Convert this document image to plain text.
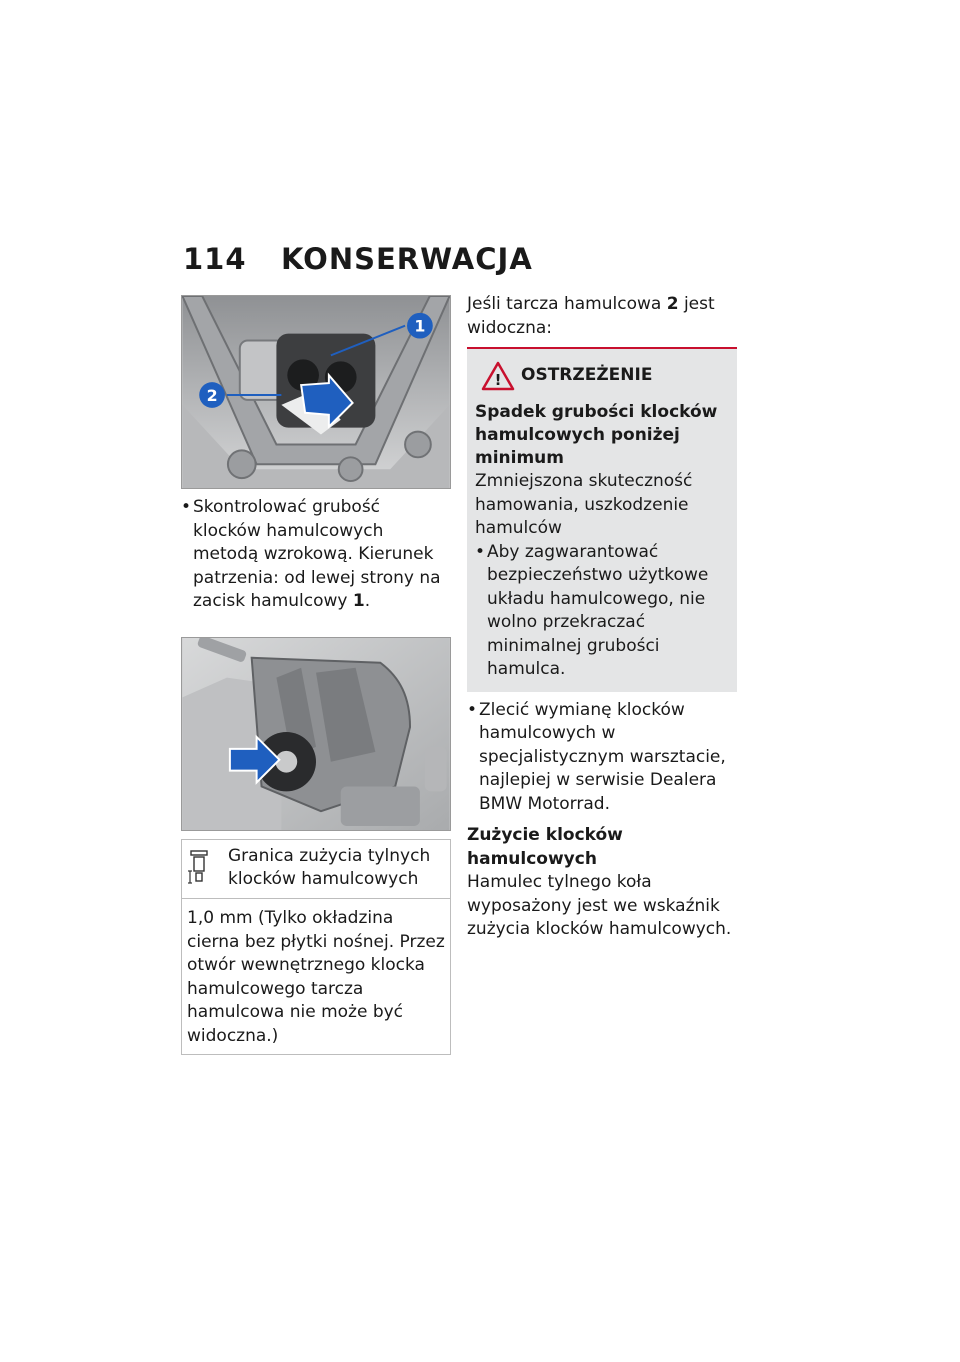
114 KONSERWACJA
1
2
• Skontrolować grubość klocków hamulcowych metodą wzrokową. Kierunek patrzenia: od lewej strony na zacisk hamulcowy 1.
Granica zużycia tylnych klocków hamulcowych
1,0 mm (Tylko okładzina cierna bez płytki nośnej. Przez otwór wewnętrznego klocka hamulcowego tarcza hamulcowa nie może być widoczna.)
Jeśli tarcza hamulcowa 2 jest widoczna:
! OSTRZEŻENIE
Spadek grubości klocków hamulcowych poniżej minimum
Zmniejszona skuteczność hamowania, uszkodzenie hamulców
• Aby zagwarantować bezpieczeństwo użytkowe układu hamulcowego, nie wolno przekraczać minimalnej grubości hamulca.
• Zlecić wymianę klocków hamulcowych w specjalistycznym warsztacie, najlepiej w serwisie Dealera BMW Motorrad.
Zużycie klocków hamulcowych
Hamulec tylnego koła wyposażony jest we wskaźnik zużycia klocków hamulcowych.
